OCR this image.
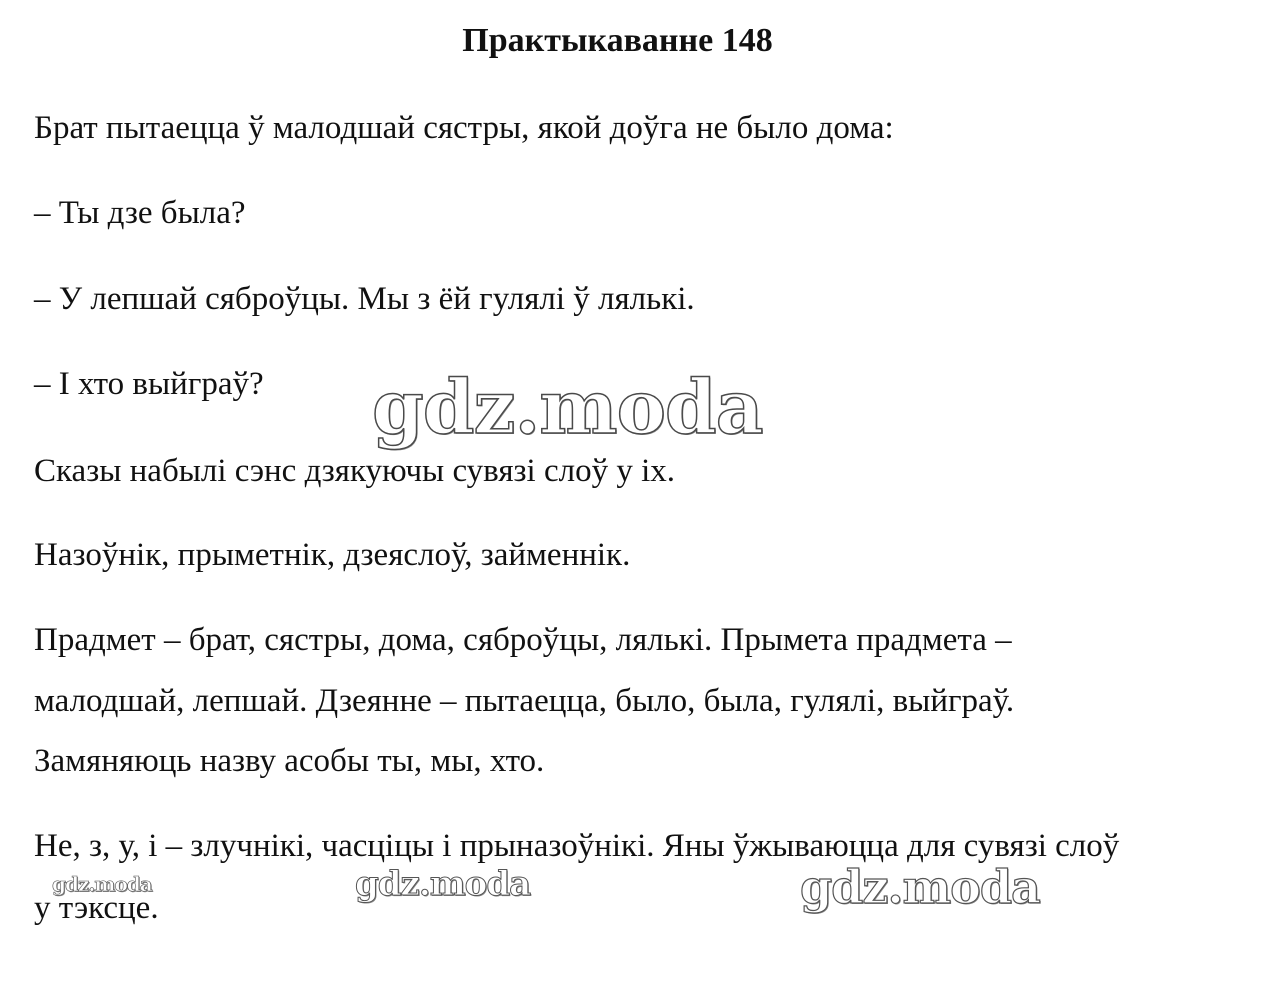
Практыкаванне 148
Брат пытаецца ў малодшай сястры, якой доўга не было дома:
– Ты дзе была?
– У лепшай сяброўцы. Мы з ёй гулялі ў лялькі.
– І хто выйграў?
Сказы набылі сэнс дзякуючы сувязі слоў у іх.
Назоўнік, прыметнік, дзеяслоў, займеннік.
Прадмет – брат, сястры, дома, сяброўцы, лялькі. Прымета прадмета –
малодшай, лепшай. Дзеянне – пытаецца, было, была, гулялі, выйграў.
Замяняюць назву асобы ты, мы, хто.
Не, з, у, і – злучнікі, часціцы і прыназоўнікі. Яны ўжываюцца для сувязі слоў
у тэксце.
gdz.moda
gdz.moda	gdz.moda	gdz.moda
